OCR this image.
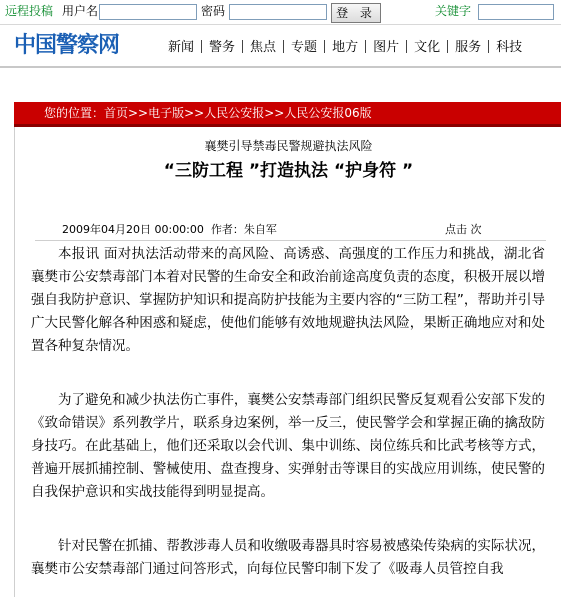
远程投稿 用户名	密码	登 录	关键字
中国警察网	新闻 警务 焦点 专题 地方 图片 文化 服务 科技
您的位置：首页>>电子版>>人民公安报>>人民公安报06版
襄樊引导禁毒民警规避执法风险
“三防工程 ”打造执法 “护身符 ”
2009年04月20日 00:00:00 作者：朱自军	点击 次

本报讯 面对执法活动带来的高风险、高诱惑、高强度的工作压力和挑战，湖北省襄樊市公安禁毒部门本着对民警的生命安全和政治前途高度负责的态度，积极开展以增强自我防护意识、掌握防护知识和提高防护技能为主要内容的“三防工程”，帮助并引导广大民警化解各种困惑和疑虑，使他们能够有效地规避执法风险，果断正确地应对和处置各种复杂情况。

为了避免和减少执法伤亡事件，襄樊公安禁毒部门组织民警反复观看公安部下发的《致命错误》系列教学片，联系身边案例，举一反三，使民警学会和掌握正确的擒敌防身技巧。在此基础上，他们还采取以会代训、集中训练、岗位练兵和比武考核等方式，普遍开展抓捕控制、警械使用、盘查搜身、实弹射击等课目的实战应用训练，使民警的自我保护意识和实战技能得到明显提高。

针对民警在抓捕、帮教涉毒人员和收缴吸毒器具时容易被感染传染病的实际状况，襄樊市公安禁毒部门通过问答形式，向每位民警印制下发了《吸毒人员管控自我
